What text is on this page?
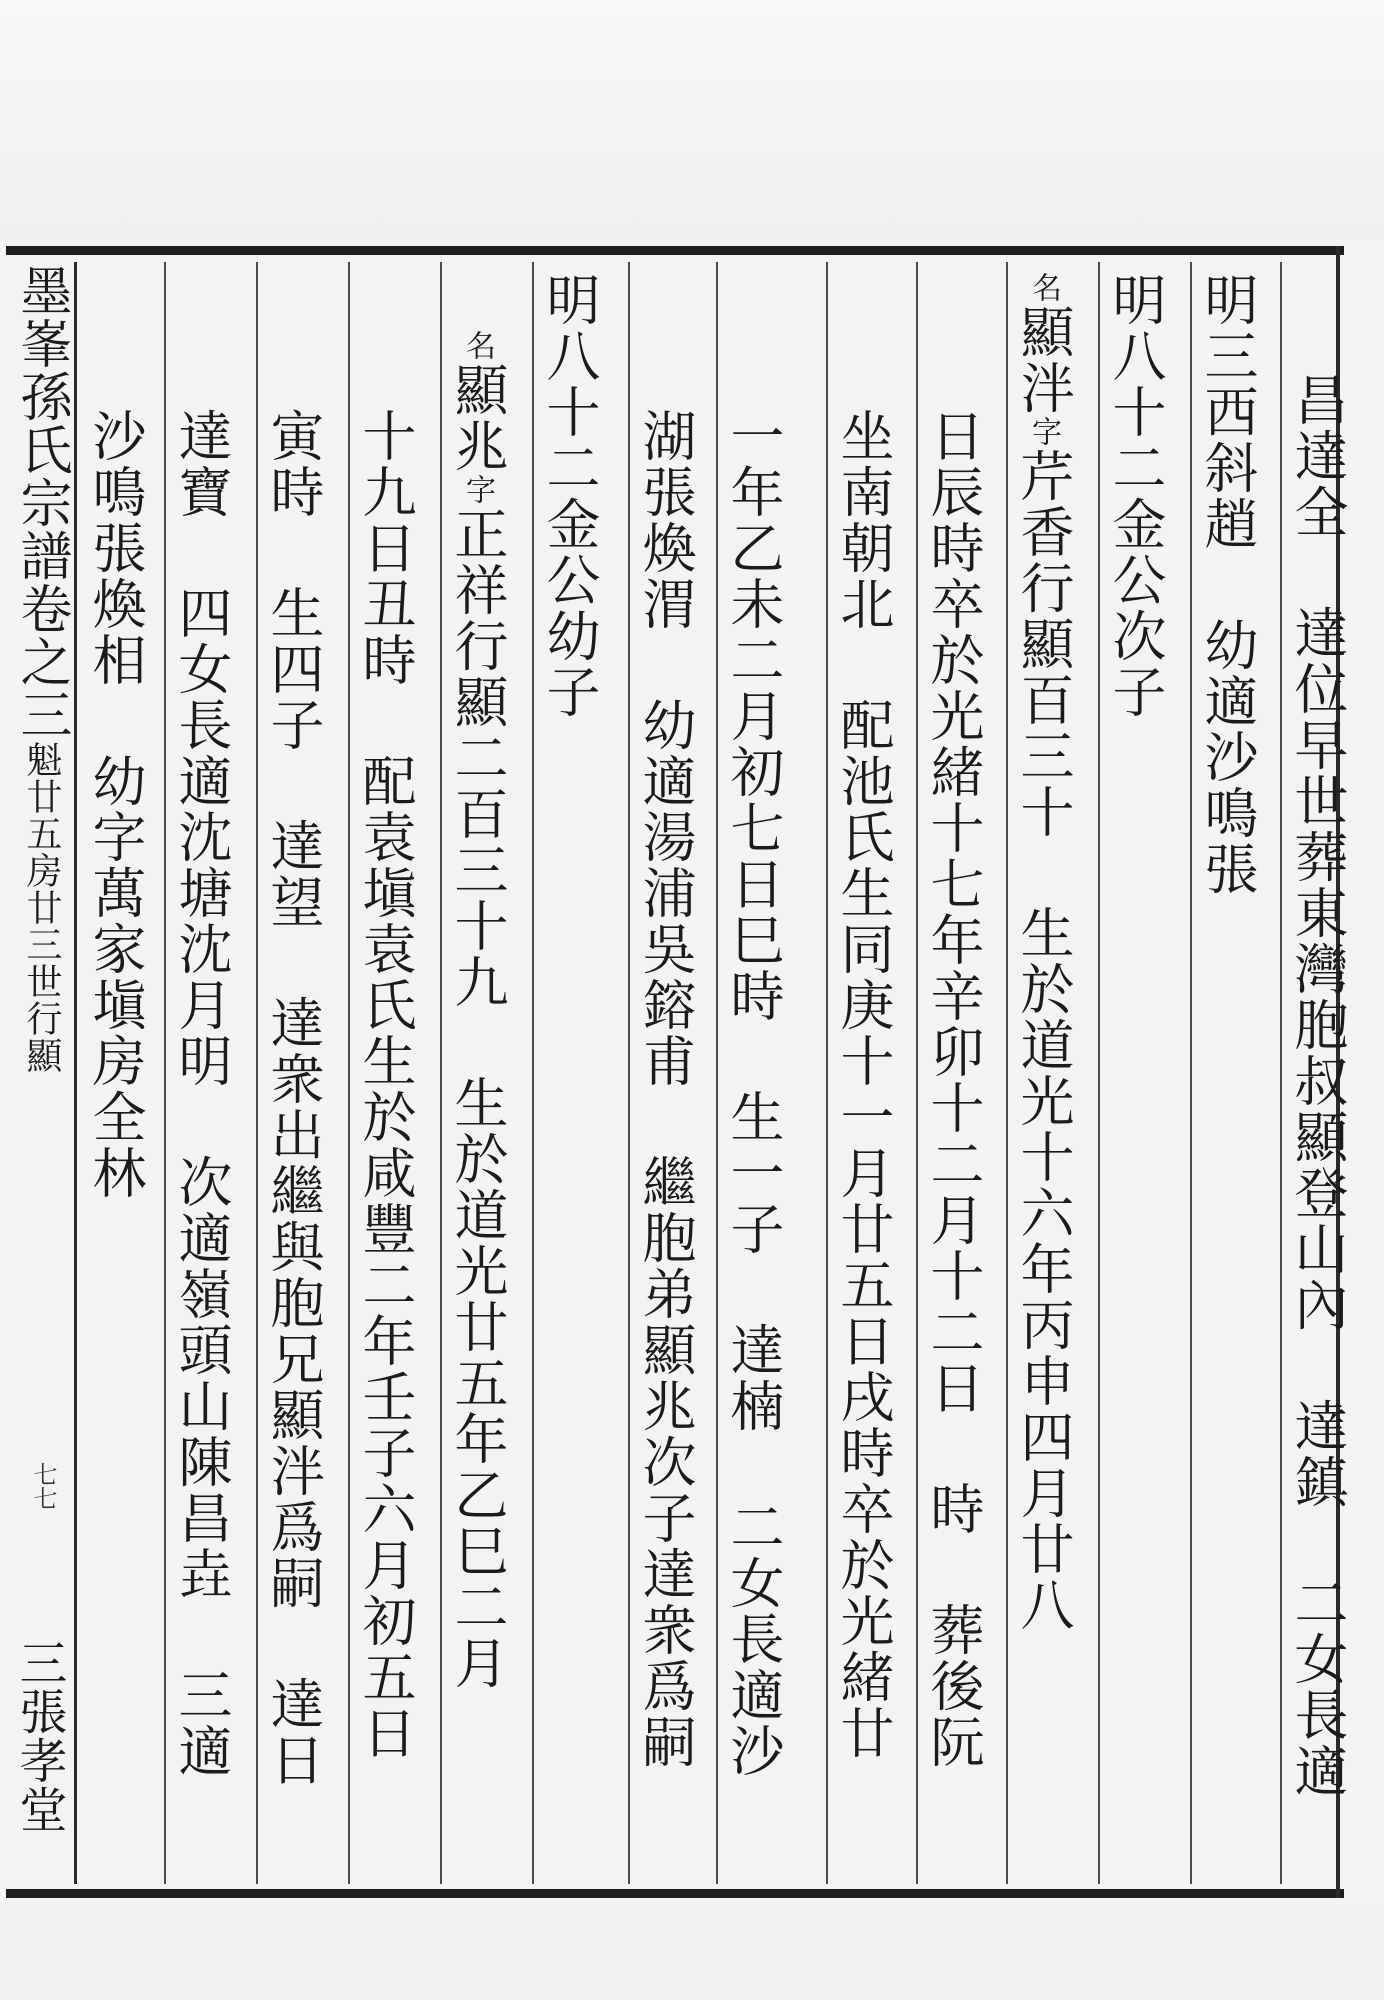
昌達全 達位早世葬東灣胞叔顯登山內 達鎮 二女長適
明三西斜趙 幼適沙鳴張
明八十二金公次子
名顯泮字芹香行顯百三十 生於道光十六年丙申四月廿八
日辰時卒於光緒十七年辛卯十二月十二日 時 葬後阮
坐南朝北 配池氏生同庚十一月廿五日戌時卒於光緒廿
一年乙未二月初七日巳時 生一子 達楠 二女長適沙
湖張煥渭 幼適湯浦吳鎔甫 繼胞弟顯兆次子達衆爲嗣
明八十二金公幼子
名顯兆字正祥行顯二百三十九 生於道光廿五年乙巳二月
十九日丑時 配袁塡袁氏生於咸豐二年壬子六月初五日
寅時 生四子 達望 達衆出繼與胞兄顯泮爲嗣 達日
達寶 四女長適沈塘沈月明 次適嶺頭山陳昌垚 三適
沙鳴張煥相 幼字萬家塡房全林
墨峯孫氏宗譜卷之三魁廿五房廿三世行顯
七七
三張孝堂
